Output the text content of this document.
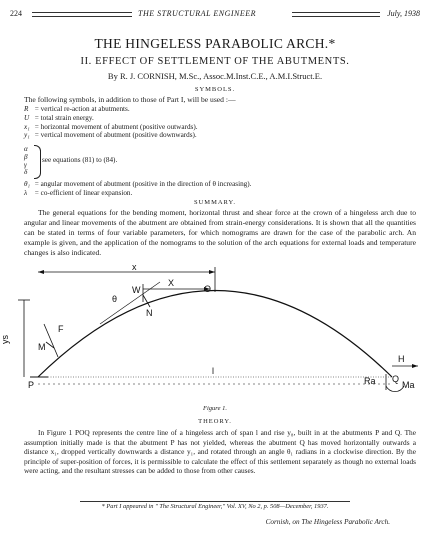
224	THE STRUCTURAL ENGINEER	July, 1938
THE HINGELESS PARABOLIC ARCH.*
II. EFFECT OF SETTLEMENT OF THE ABUTMENTS.
By R. J. CORNISH, M.Sc., Assoc.M.Inst.C.E., A.M.I.Struct.E.
SYMBOLS.
The following symbols, in addition to those of Part I, will be used :—
R = vertical re-action at abutments.
U = total strain energy.
x₁ = horizontal movement of abutment (positive outwards).
y₁ = vertical movement of abutment (positive downwards).
α
β
γ
δ
see equations (81) to (84).
θ₁ = angular movement of abutment (positive in the direction of θ increasing).
λ = co-efficient of linear expansion.
SUMMARY.
The general equations for the bending moment, horizontal thrust and shear force at the crown of a hingeless arch due to angular and linear movements of the abutment are obtained from strain-energy considerations. It is shown that all the quantities can be stated in terms of four variable parameters, for which nomograms are drawn for the case of the parabolic arch. An example is given, and the application of the nomograms to the solution of the arch equations for external loads and temperature changes is also indicated.
x
X
O
W
N
θ
ys
F
M
P
l
H
Ra Q
Ma
Figure 1.
THEORY.
In Figure 1 POQ represents the centre line of a hingeless arch of span l and rise y₈, built in at the abutments P and Q. The assumption initially made is that the abutment P has not yielded, whereas the abutment Q has moved horizontally outwards a distance x₁, dropped vertically downwards a distance y₁, and rotated through an angle θ₁ radians in a clockwise direction. By the principle of super-position of forces, it is permissible to calculate the effect of this settlement separately as though no external loads were acting, and the resultant stresses can be added to those from other causes.
* Part I appeared in " The Structural Engineer," Vol. XV, No 2, p. 508—December, 1937.
Cornish, on The Hingeless Parabolic Arch.
